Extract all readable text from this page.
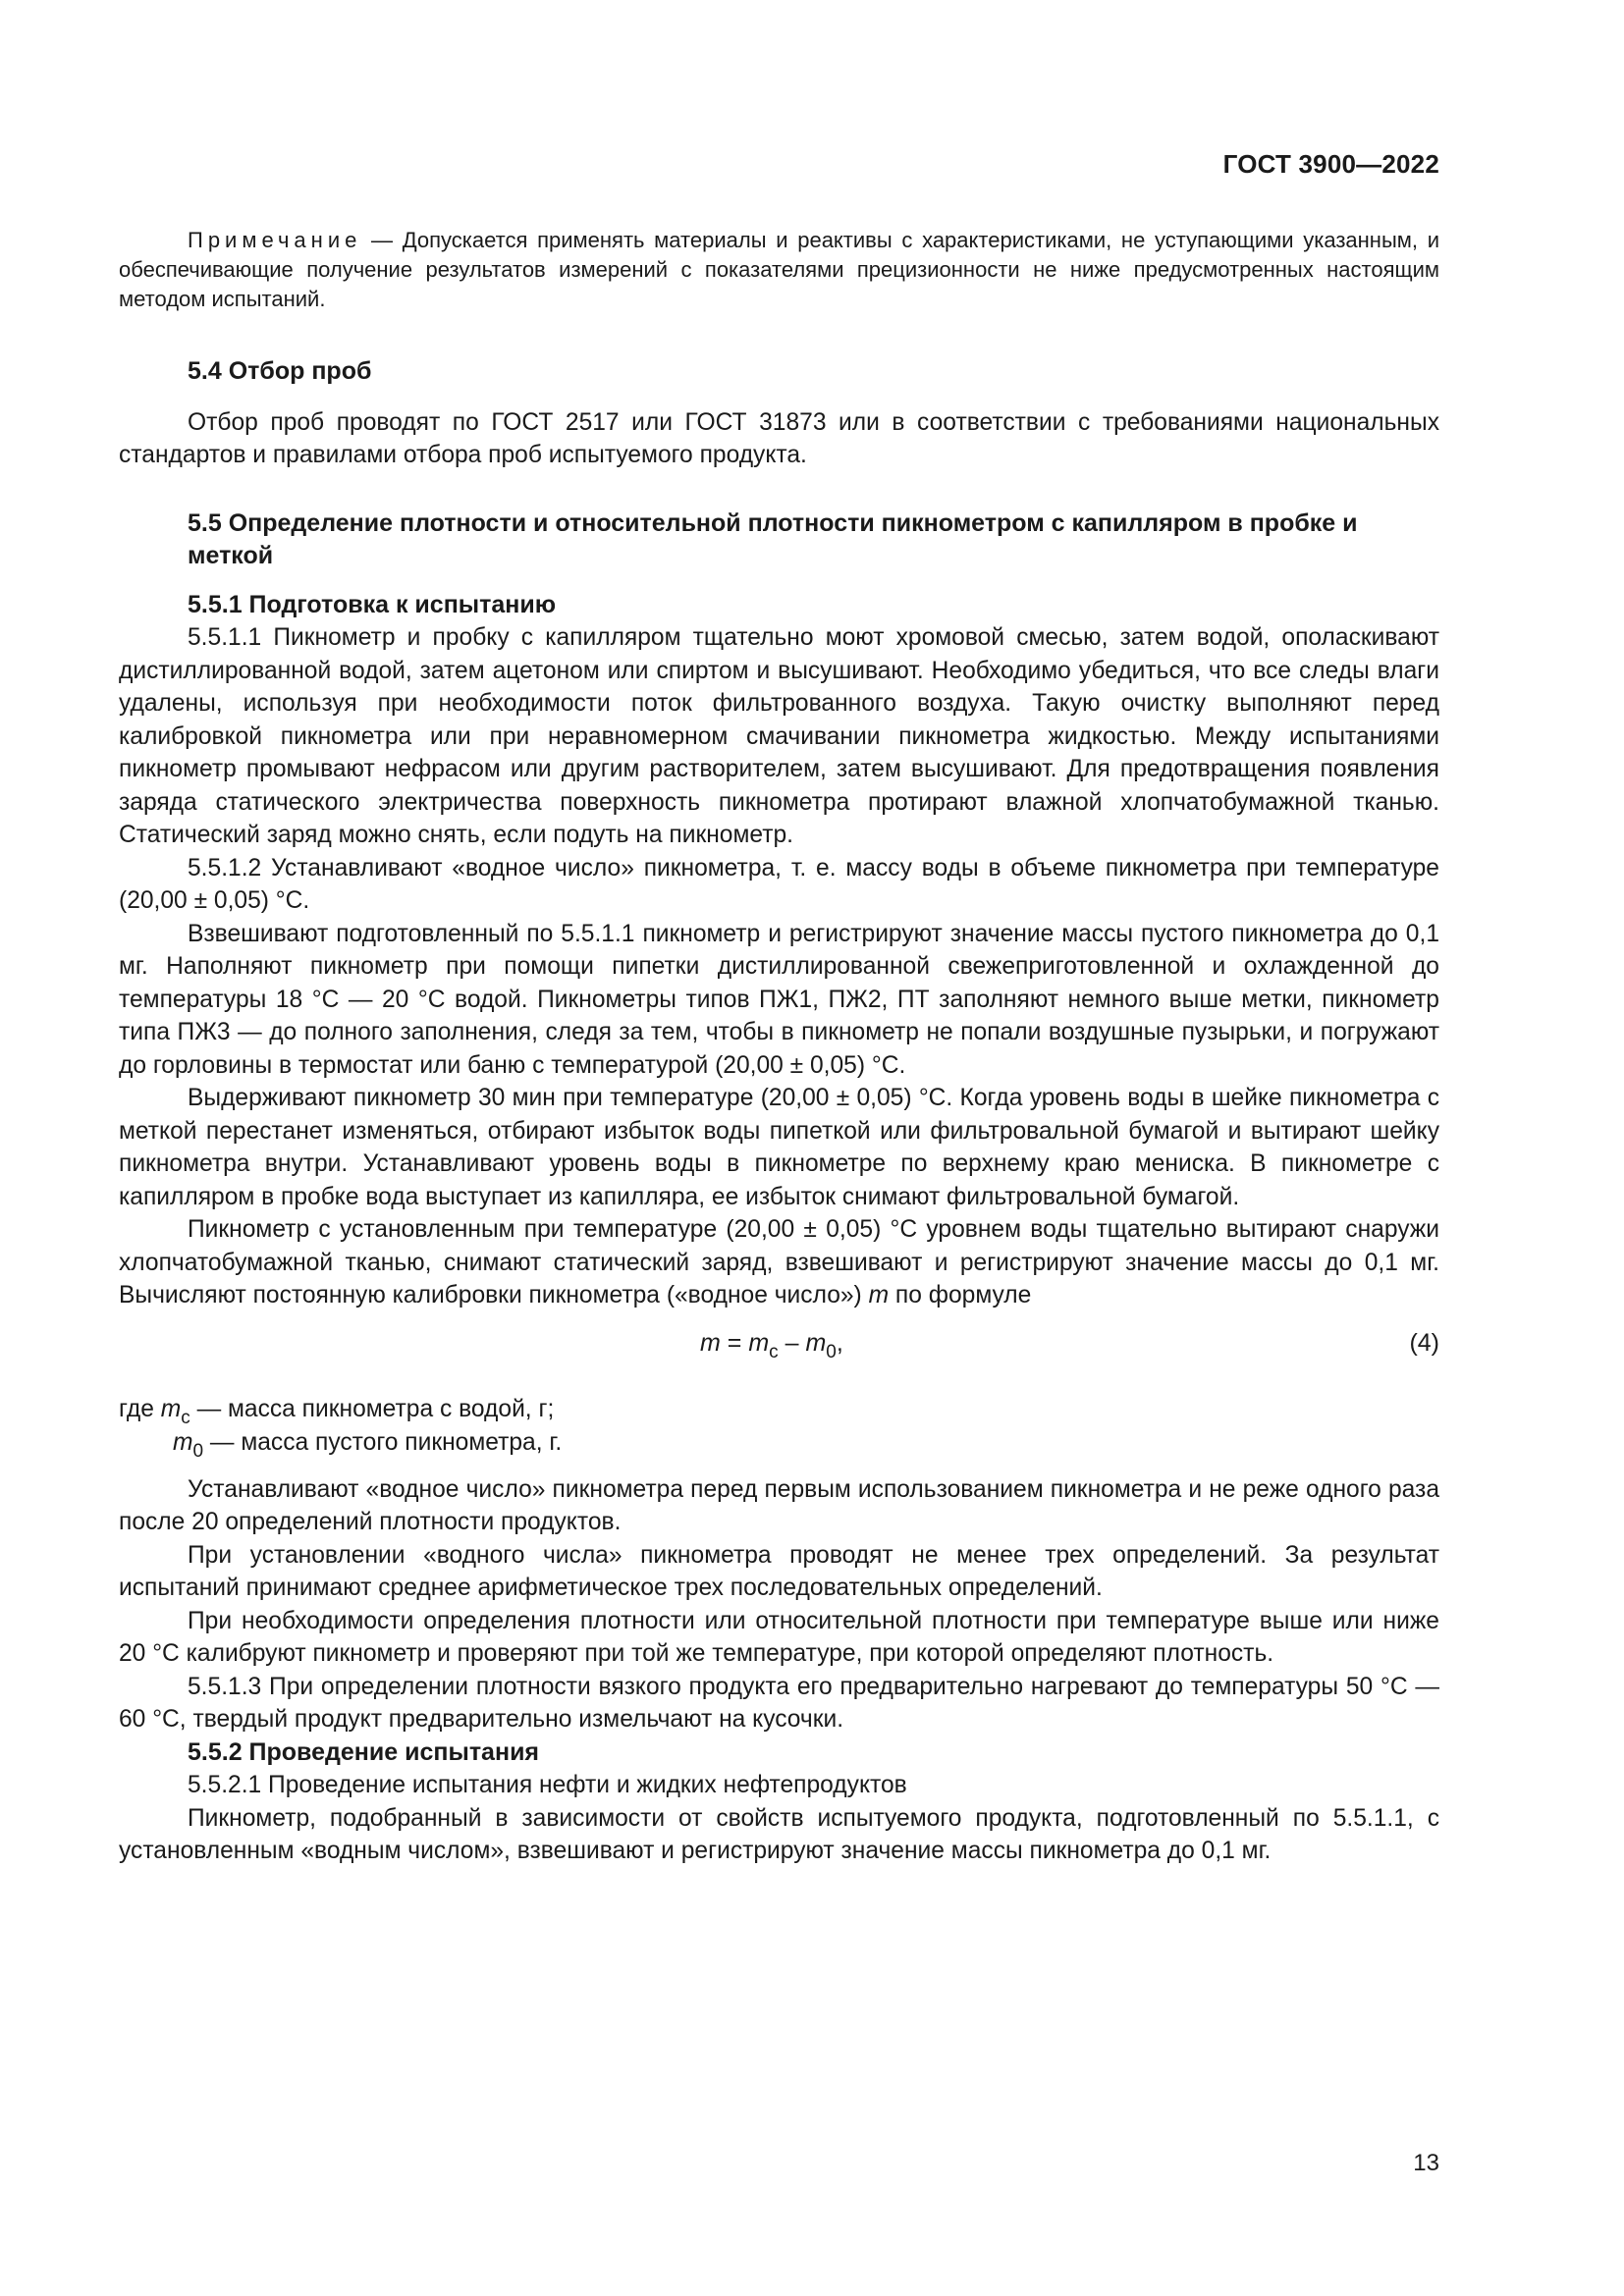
ГОСТ 3900—2022

Примечание — Допускается применять материалы и реактивы с характеристиками, не уступающими указанным, и обеспечивающие получение результатов измерений с показателями прецизионности не ниже предусмотренных настоящим методом испытаний.

5.4 Отбор проб

Отбор проб проводят по ГОСТ 2517 или ГОСТ 31873 или в соответствии с требованиями национальных стандартов и правилами отбора проб испытуемого продукта.

5.5 Определение плотности и относительной плотности пикнометром с капилляром в пробке и меткой

5.5.1 Подготовка к испытанию

5.5.1.1 Пикнометр и пробку с капилляром тщательно моют хромовой смесью, затем водой, ополаскивают дистиллированной водой, затем ацетоном или спиртом и высушивают. Необходимо убедиться, что все следы влаги удалены, используя при необходимости поток фильтрованного воздуха. Такую очистку выполняют перед калибровкой пикнометра или при неравномерном смачивании пикнометра жидкостью. Между испытаниями пикнометр промывают нефрасом или другим растворителем, затем высушивают. Для предотвращения появления заряда статического электричества поверхность пикнометра протирают влажной хлопчатобумажной тканью. Статический заряд можно снять, если подуть на пикнометр.

5.5.1.2 Устанавливают «водное число» пикнометра, т. е. массу воды в объеме пикнометра при температуре (20,00 ± 0,05) °С.

Взвешивают подготовленный по 5.5.1.1 пикнометр и регистрируют значение массы пустого пикнометра до 0,1 мг. Наполняют пикнометр при помощи пипетки дистиллированной свежеприготовленной и охлажденной до температуры 18 °С — 20 °С водой. Пикнометры типов ПЖ1, ПЖ2, ПТ заполняют немного выше метки, пикнометр типа ПЖ3 — до полного заполнения, следя за тем, чтобы в пикнометр не попали воздушные пузырьки, и погружают до горловины в термостат или баню с температурой (20,00 ± 0,05) °С.

Выдерживают пикнометр 30 мин при температуре (20,00 ± 0,05) °С. Когда уровень воды в шейке пикнометра с меткой перестанет изменяться, отбирают избыток воды пипеткой или фильтровальной бумагой и вытирают шейку пикнометра внутри. Устанавливают уровень воды в пикнометре по верхнему краю мениска. В пикнометре с капилляром в пробке вода выступает из капилляра, ее избыток снимают фильтровальной бумагой.

Пикнометр с установленным при температуре (20,00 ± 0,05) °С уровнем воды тщательно вытирают снаружи хлопчатобумажной тканью, снимают статический заряд, взвешивают и регистрируют значение массы до 0,1 мг. Вычисляют постоянную калибровки пикнометра («водное число») m по формуле

$m = m_c - m_0$,	(4)
где $m_c$ — масса пикнометра с водой, г;
$m_0$ — масса пустого пикнометра, г.

Устанавливают «водное число» пикнометра перед первым использованием пикнометра и не реже одного раза после 20 определений плотности продуктов.

При установлении «водного числа» пикнометра проводят не менее трех определений. За результат испытаний принимают среднее арифметическое трех последовательных определений.

При необходимости определения плотности или относительной плотности при температуре выше или ниже 20 °С калибруют пикнометр и проверяют при той же температуре, при которой определяют плотность.

5.5.1.3 При определении плотности вязкого продукта его предварительно нагревают до температуры 50 °С — 60 °С, твердый продукт предварительно измельчают на кусочки.

5.5.2 Проведение испытания

5.5.2.1 Проведение испытания нефти и жидких нефтепродуктов

Пикнометр, подобранный в зависимости от свойств испытуемого продукта, подготовленный по 5.5.1.1, с установленным «водным числом», взвешивают и регистрируют значение массы пикнометра до 0,1 мг.

13
